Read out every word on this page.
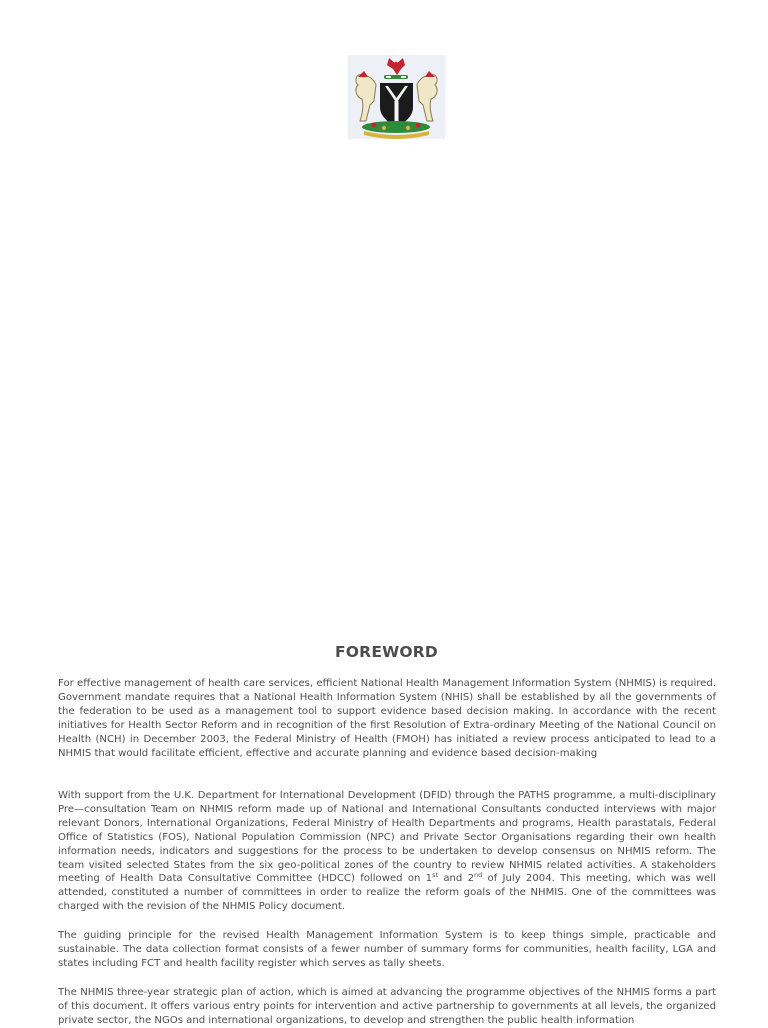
FOREWORD

For effective management of health care services, efficient National Health Management Information System (NHMIS) is required. Government mandate requires that a National Health Information System (NHIS) shall be established by all the governments of the federation to be used as a management tool to support evidence based decision making. In accordance with the recent initiatives for Health Sector Reform and in recognition of the first Resolution of Extra-ordinary Meeting of the National Council on Health (NCH) in December 2003, the Federal Ministry of Health (FMOH) has initiated a review process anticipated to lead to a NHMIS that would facilitate efficient, effective and accurate planning and evidence based decision-making

With support from the U.K. Department for International Development (DFID) through the PATHS programme, a multi-disciplinary Pre—consultation Team on NHMIS reform made up of National and International Consultants conducted interviews with major relevant Donors, International Organizations, Federal Ministry of Health Departments and programs, Health parastatals, Federal Office of Statistics (FOS), National Population Commission (NPC) and Private Sector Organisations regarding their own health information needs, indicators and suggestions for the process to be undertaken to develop consensus on NHMIS reform. The team visited selected States from the six geo-political zones of the country to review NHMIS related activities. A stakeholders meeting of Health Data Consultative Committee (HDCC) followed on 1st and 2nd of July 2004. This meeting, which was well attended, constituted a number of committees in order to realize the reform goals of the NHMIS. One of the committees was charged with the revision of the NHMIS Policy document.

The guiding principle for the revised Health Management Information System is to keep things simple, practicable and sustainable. The data collection format consists of a fewer number of summary forms for communities, health facility, LGA and states including FCT and health facility register which serves as tally sheets.

The NHMIS three-year strategic plan of action, which is aimed at advancing the programme objectives of the NHMIS forms a part of this document. It offers various entry points for intervention and active partnership to governments at all levels, the organized private sector, the NGOs and international organizations, to develop and strengthen the public health information
